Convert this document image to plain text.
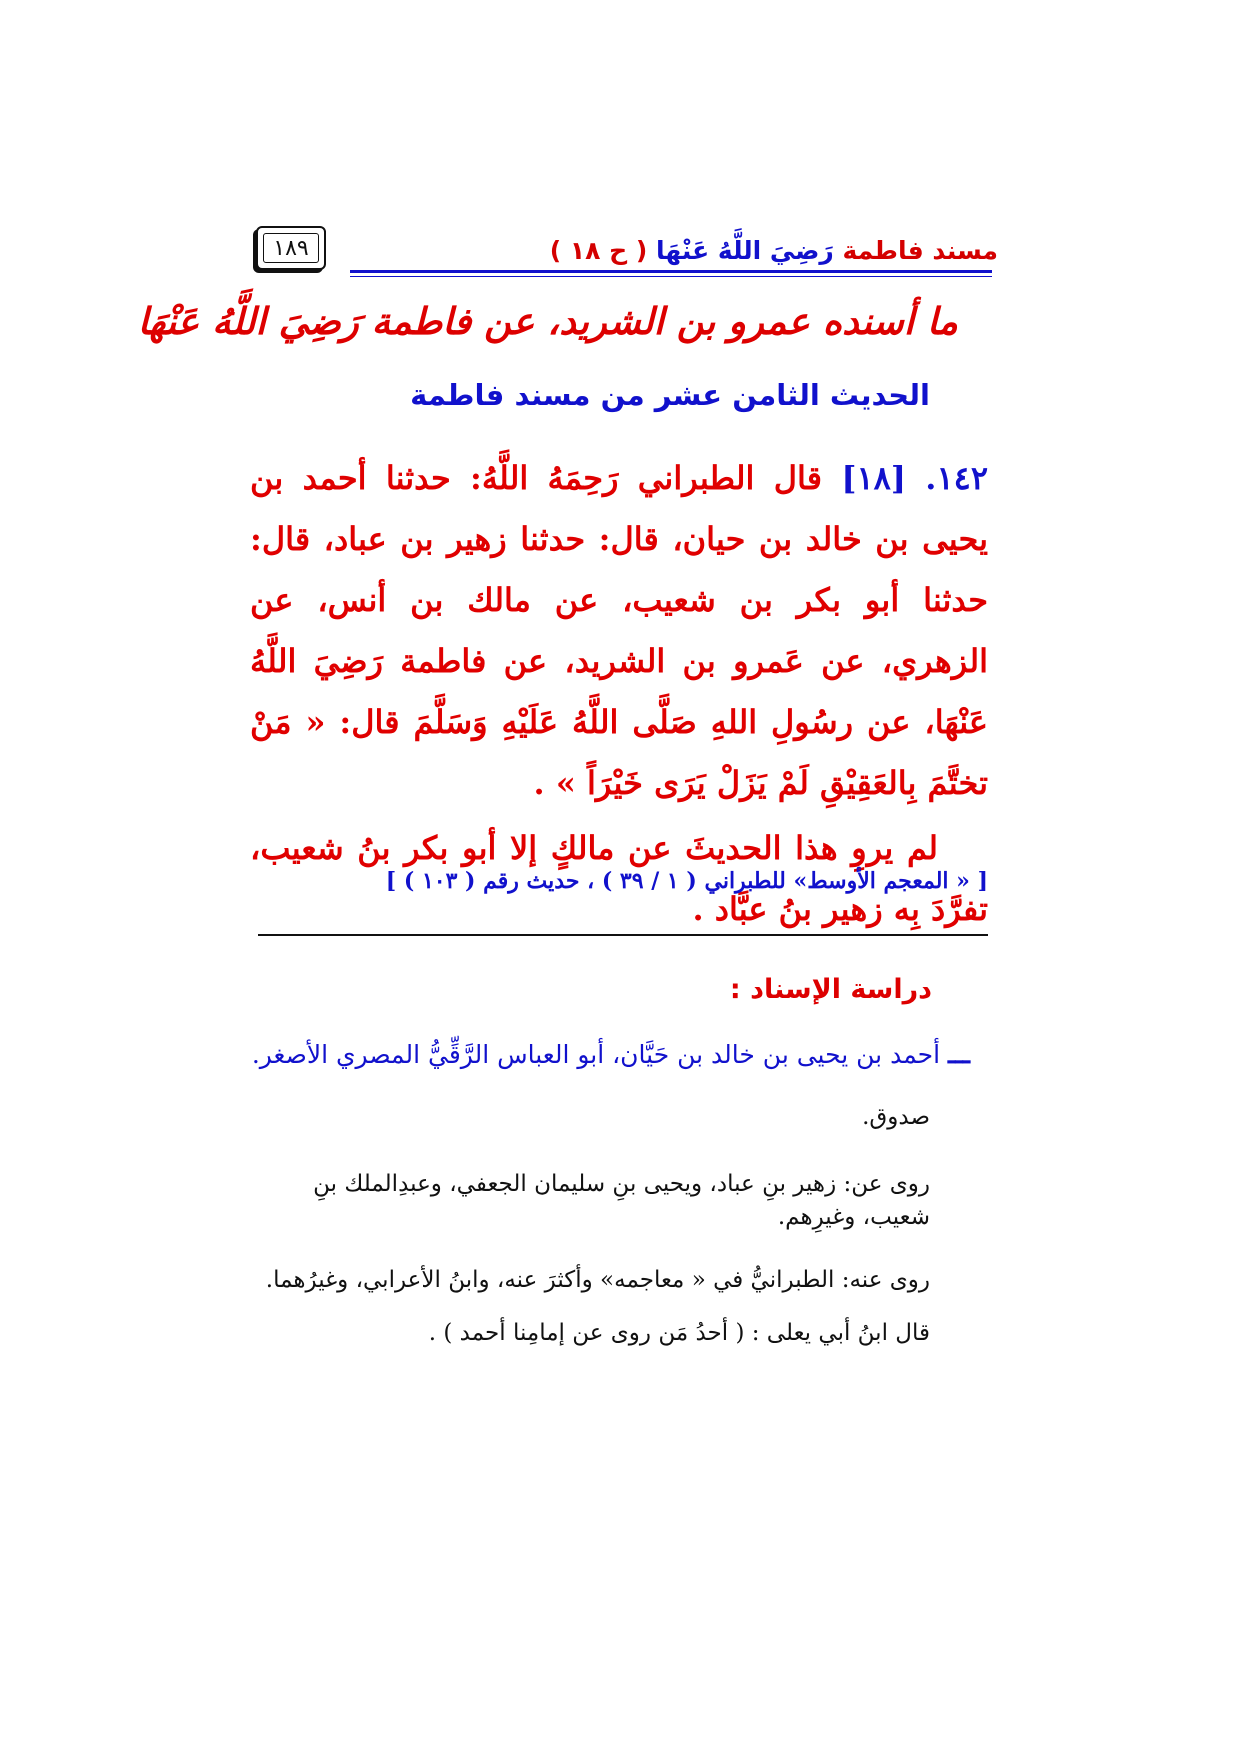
مسند فاطمة رَضِيَ اللَّهُ عَنْهَا ( ح ١٨ )
١٨٩
ما أسنده عمرو بن الشريد، عن فاطمة رَضِيَ اللَّهُ عَنْهَا
الحديث الثامن عشر من مسند فاطمة

١٤٢. [١٨] قال الطبراني رَحِمَهُ اللَّهُ: حدثنا أحمد بن يحيى بن خالد بن حيان، قال: حدثنا زهير بن عباد، قال: حدثنا أبو بكر بن شعيب، عن مالك بن أنس، عن الزهري، عن عَمرو بن الشريد، عن فاطمة رَضِيَ اللَّهُ عَنْهَا، عن رسُولِ اللهِ صَلَّى اللَّهُ عَلَيْهِ وَسَلَّمَ قال: « مَنْ تختَّمَ بِالعَقِيْقِ لَمْ يَزَلْ يَرَى خَيْرَاً » .

لم يروِ هذا الحديثَ عن مالكٍ إلا أبو بكر بنُ شعيب، تفرَّدَ بِه زهير بنُ عبَّاد .

[ « المعجم الأوسط» للطبراني ( ١ / ٣٩ ) ، حديث رقم ( ١٠٣ ) ]
دراسة الإسناد :

ـــ أحمد بن يحيى بن خالد بن حَيَّان، أبو العباس الرَّقِّيُّ المصري الأصغر.

صدوق.

روى عن: زهير بنِ عباد، ويحيى بنِ سليمان الجعفي، وعبدِالملك بنِ شعيب، وغيرِهم.

روى عنه: الطبرانيُّ في « معاجمه» وأكثرَ عنه، وابنُ الأعرابي، وغيرُهما.

قال ابنُ أبي يعلى : ( أحدُ مَن روى عن إمامِنا أحمد ) .
